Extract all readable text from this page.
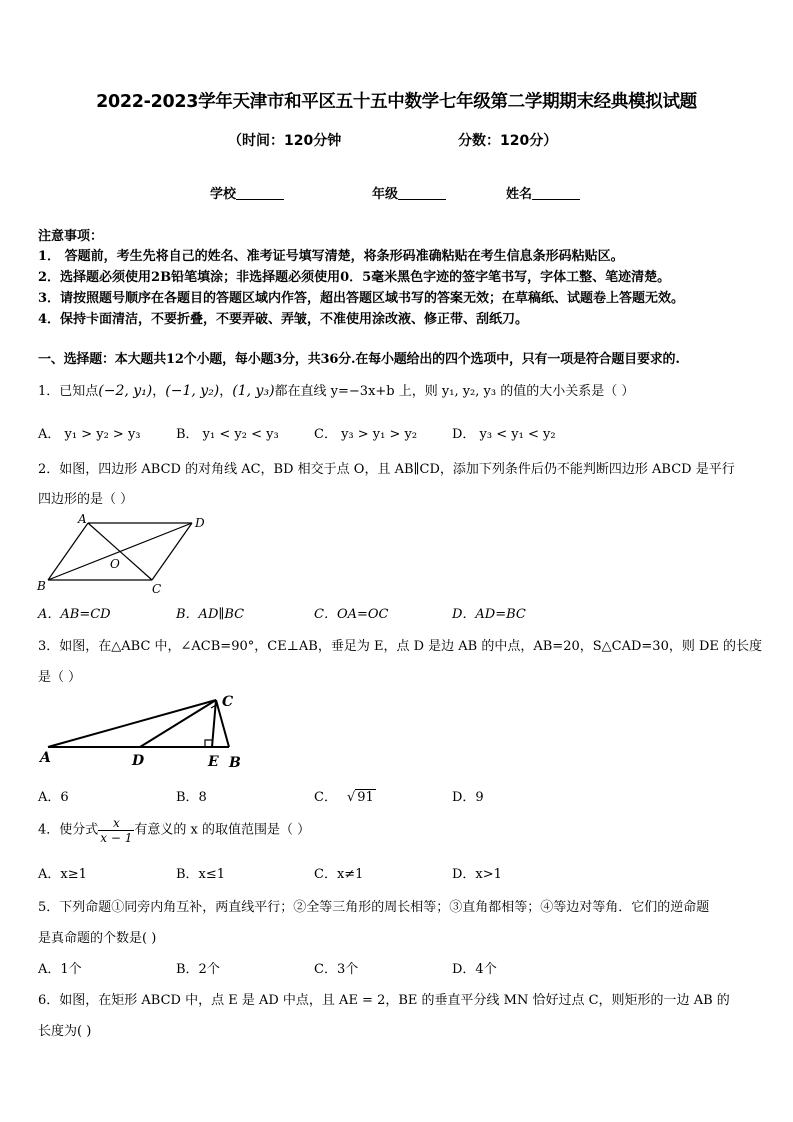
2022-2023学年天津市和平区五十五中数学七年级第二学期期末经典模拟试题
（时间：120分钟	分数：120分）
学校	年级	姓名
注意事项：
1． 答题前，考生先将自己的姓名、准考证号填写清楚，将条形码准确粘贴在考生信息条形码粘贴区。
2．选择题必须使用2B铅笔填涂；非选择题必须使用0．5毫米黑色字迹的签字笔书写，字体工整、笔迹清楚。
3．请按照题号顺序在各题目的答题区域内作答，超出答题区域书写的答案无效；在草稿纸、试题卷上答题无效。
4．保持卡面清洁，不要折叠，不要弄破、弄皱，不准使用涂改液、修正带、刮纸刀。
一、选择题：本大题共12个小题，每小题3分，共36分.在每小题给出的四个选项中，只有一项是符合题目要求的.
1．已知点(−2, y₁)，(−1, y₂)，(1, y₃)都在直线 y=−3x+b 上，则 y₁, y₂, y₃ 的值的大小关系是（ ）
A． y₁ > y₂ > y₃	B． y₁ < y₂ < y₃	C． y₃ > y₁ > y₂	D． y₃ < y₁ < y₂
2．如图，四边形 ABCD 的对角线 AC，BD 相交于点 O，且 AB∥CD，添加下列条件后仍不能判断四边形 ABCD 是平行
四边形的是（ ）
A	D
B	C
O
A．AB=CD	B．AD∥BC	C．OA=OC	D．AD=BC
3．如图，在△ABC 中，∠ACB=90°，CE⊥AB，垂足为 E，点 D 是边 AB 的中点，AB=20，S△CAD=30，则 DE 的长度
是（ ）
A	D	E B
C
A．6	B．8	C． √ 91	D．9
4．使分式 $\frac{x}{x - 1}$ 有意义的 x 的取值范围是（ ）
A．x≥1	B．x≤1	C．x≠1	D．x>1
5．下列命题①同旁内角互补，两直线平行；②全等三角形的周长相等；③直角都相等；④等边对等角．它们的逆命题
是真命题的个数是( )
A．1个	B．2个	C．3个	D．4个
6．如图，在矩形 ABCD 中，点 E 是 AD 中点，且 AE = 2，BE 的垂直平分线 MN 恰好过点 C，则矩形的一边 AB 的
长度为( )
